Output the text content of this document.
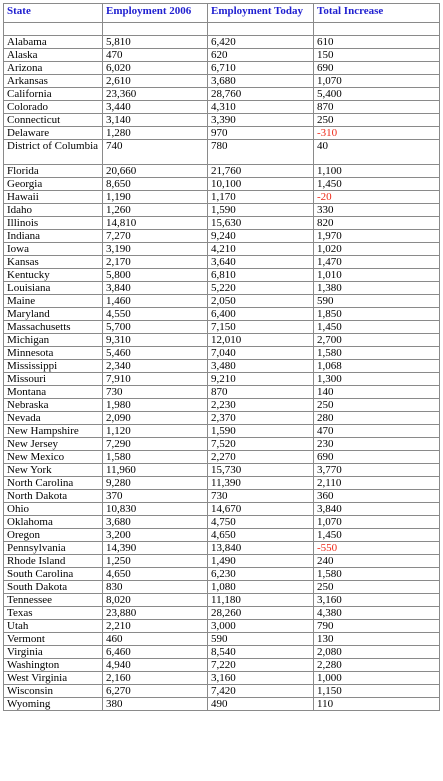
State	Employment 2006	Employment Today	Total Increase

Alabama	5,810	6,420	610
Alaska	470	620	150
Arizona	6,020	6,710	690
Arkansas	2,610	3,680	1,070
California	23,360	28,760	5,400
Colorado	3,440	4,310	870
Connecticut	3,140	3,390	250
Delaware	1,280	970	-310
District of Columbia	740	780	40
Florida	20,660	21,760	1,100
Georgia	8,650	10,100	1,450
Hawaii	1,190	1,170	-20
Idaho	1,260	1,590	330
Illinois	14,810	15,630	820
Indiana	7,270	9,240	1,970
Iowa	3,190	4,210	1,020
Kansas	2,170	3,640	1,470
Kentucky	5,800	6,810	1,010
Louisiana	3,840	5,220	1,380
Maine	1,460	2,050	590
Maryland	4,550	6,400	1,850
Massachusetts	5,700	7,150	1,450
Michigan	9,310	12,010	2,700
Minnesota	5,460	7,040	1,580
Mississippi	2,340	3,480	1,068
Missouri	7,910	9,210	1,300
Montana	730	870	140
Nebraska	1,980	2,230	250
Nevada	2,090	2,370	280
New Hampshire	1,120	1,590	470
New Jersey	7,290	7,520	230
New Mexico	1,580	2,270	690
New York	11,960	15,730	3,770
North Carolina	9,280	11,390	2,110
North Dakota	370	730	360
Ohio	10,830	14,670	3,840
Oklahoma	3,680	4,750	1,070
Oregon	3,200	4,650	1,450
Pennsylvania	14,390	13,840	-550
Rhode Island	1,250	1,490	240
South Carolina	4,650	6,230	1,580
South Dakota	830	1,080	250
Tennessee	8,020	11,180	3,160
Texas	23,880	28,260	4,380
Utah	2,210	3,000	790
Vermont	460	590	130
Virginia	6,460	8,540	2,080
Washington	4,940	7,220	2,280
West Virginia	2,160	3,160	1,000
Wisconsin	6,270	7,420	1,150
Wyoming	380	490	110
